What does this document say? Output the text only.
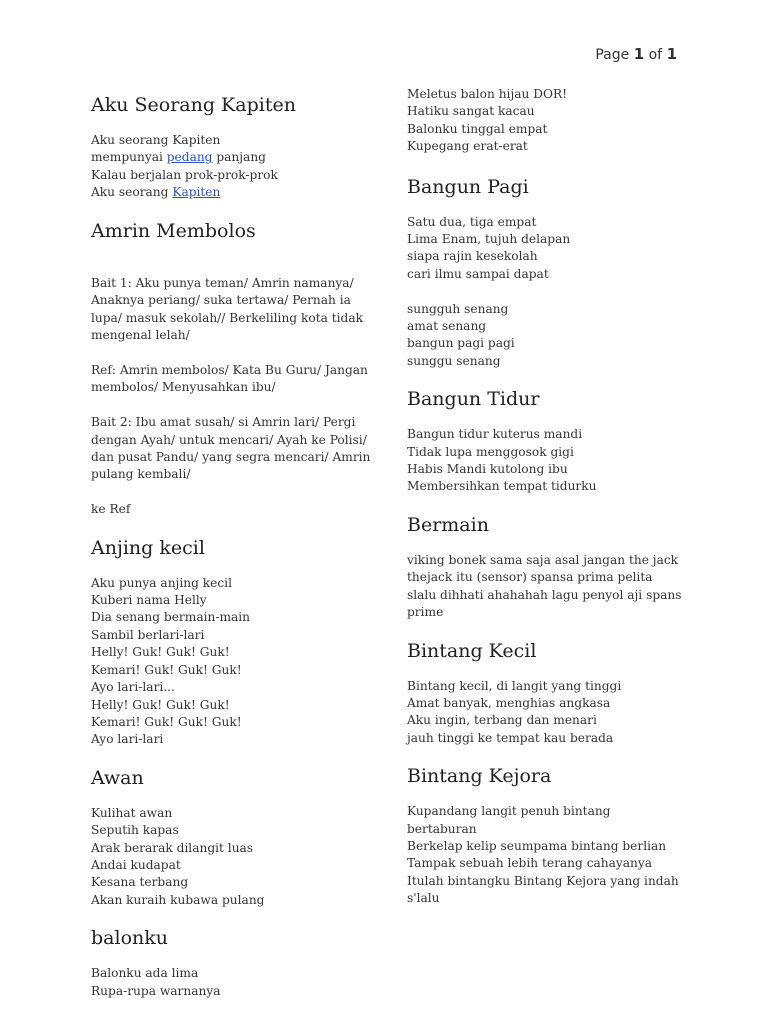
Page 1 of 1
Aku Seorang Kapiten

Aku seorang Kapiten

mempunyai pedang panjang

Kalau berjalan prok-prok-prok

Aku seorang Kapiten

Amrin Membolos

Bait 1: Aku punya teman/ Amrin namanya/ Anaknya periang/ suka tertawa/ Pernah ia lupa/ masuk sekolah// Berkeliling kota tidak mengenal lelah/

Ref: Amrin membolos/ Kata Bu Guru/ Jangan membolos/ Menyusahkan ibu/

Bait 2: Ibu amat susah/ si Amrin lari/ Pergi dengan Ayah/ untuk mencari/ Ayah ke Polisi/ dan pusat Pandu/ yang segra mencari/ Amrin pulang kembali/

ke Ref

Anjing kecil

Aku punya anjing kecil

Kuberi nama Helly

Dia senang bermain-main

Sambil berlari-lari

Helly! Guk! Guk! Guk!

Kemari! Guk! Guk! Guk!

Ayo lari-lari...

Helly! Guk! Guk! Guk!

Kemari! Guk! Guk! Guk!

Ayo lari-lari

Awan

Kulihat awan

Seputih kapas

Arak berarak dilangit luas

Andai kudapat

Kesana terbang

Akan kuraih kubawa pulang

balonku

Balonku ada lima

Rupa-rupa warnanya

Meletus balon hijau DOR!

Hatiku sangat kacau

Balonku tinggal empat

Kupegang erat-erat

Bangun Pagi

Satu dua, tiga empat

Lima Enam, tujuh delapan

siapa rajin kesekolah

cari ilmu sampai dapat

sungguh senang

amat senang

bangun pagi pagi

sunggu senang

Bangun Tidur

Bangun tidur kuterus mandi

Tidak lupa menggosok gigi

Habis Mandi kutolong ibu

Membersihkan tempat tidurku

Bermain

viking bonek sama saja asal jangan the jack thejack itu (sensor) spansa prima pelita slalu dihhati ahahahah lagu penyol aji spans prime

Bintang Kecil

Bintang kecil, di langit yang tinggi

Amat banyak, menghias angkasa

Aku ingin, terbang dan menari

jauh tinggi ke tempat kau berada

Bintang Kejora

Kupandang langit penuh bintang bertaburan

Berkelap kelip seumpama bintang berlian

Tampak sebuah lebih terang cahayanya

Itulah bintangku Bintang Kejora yang indah s'lalu
